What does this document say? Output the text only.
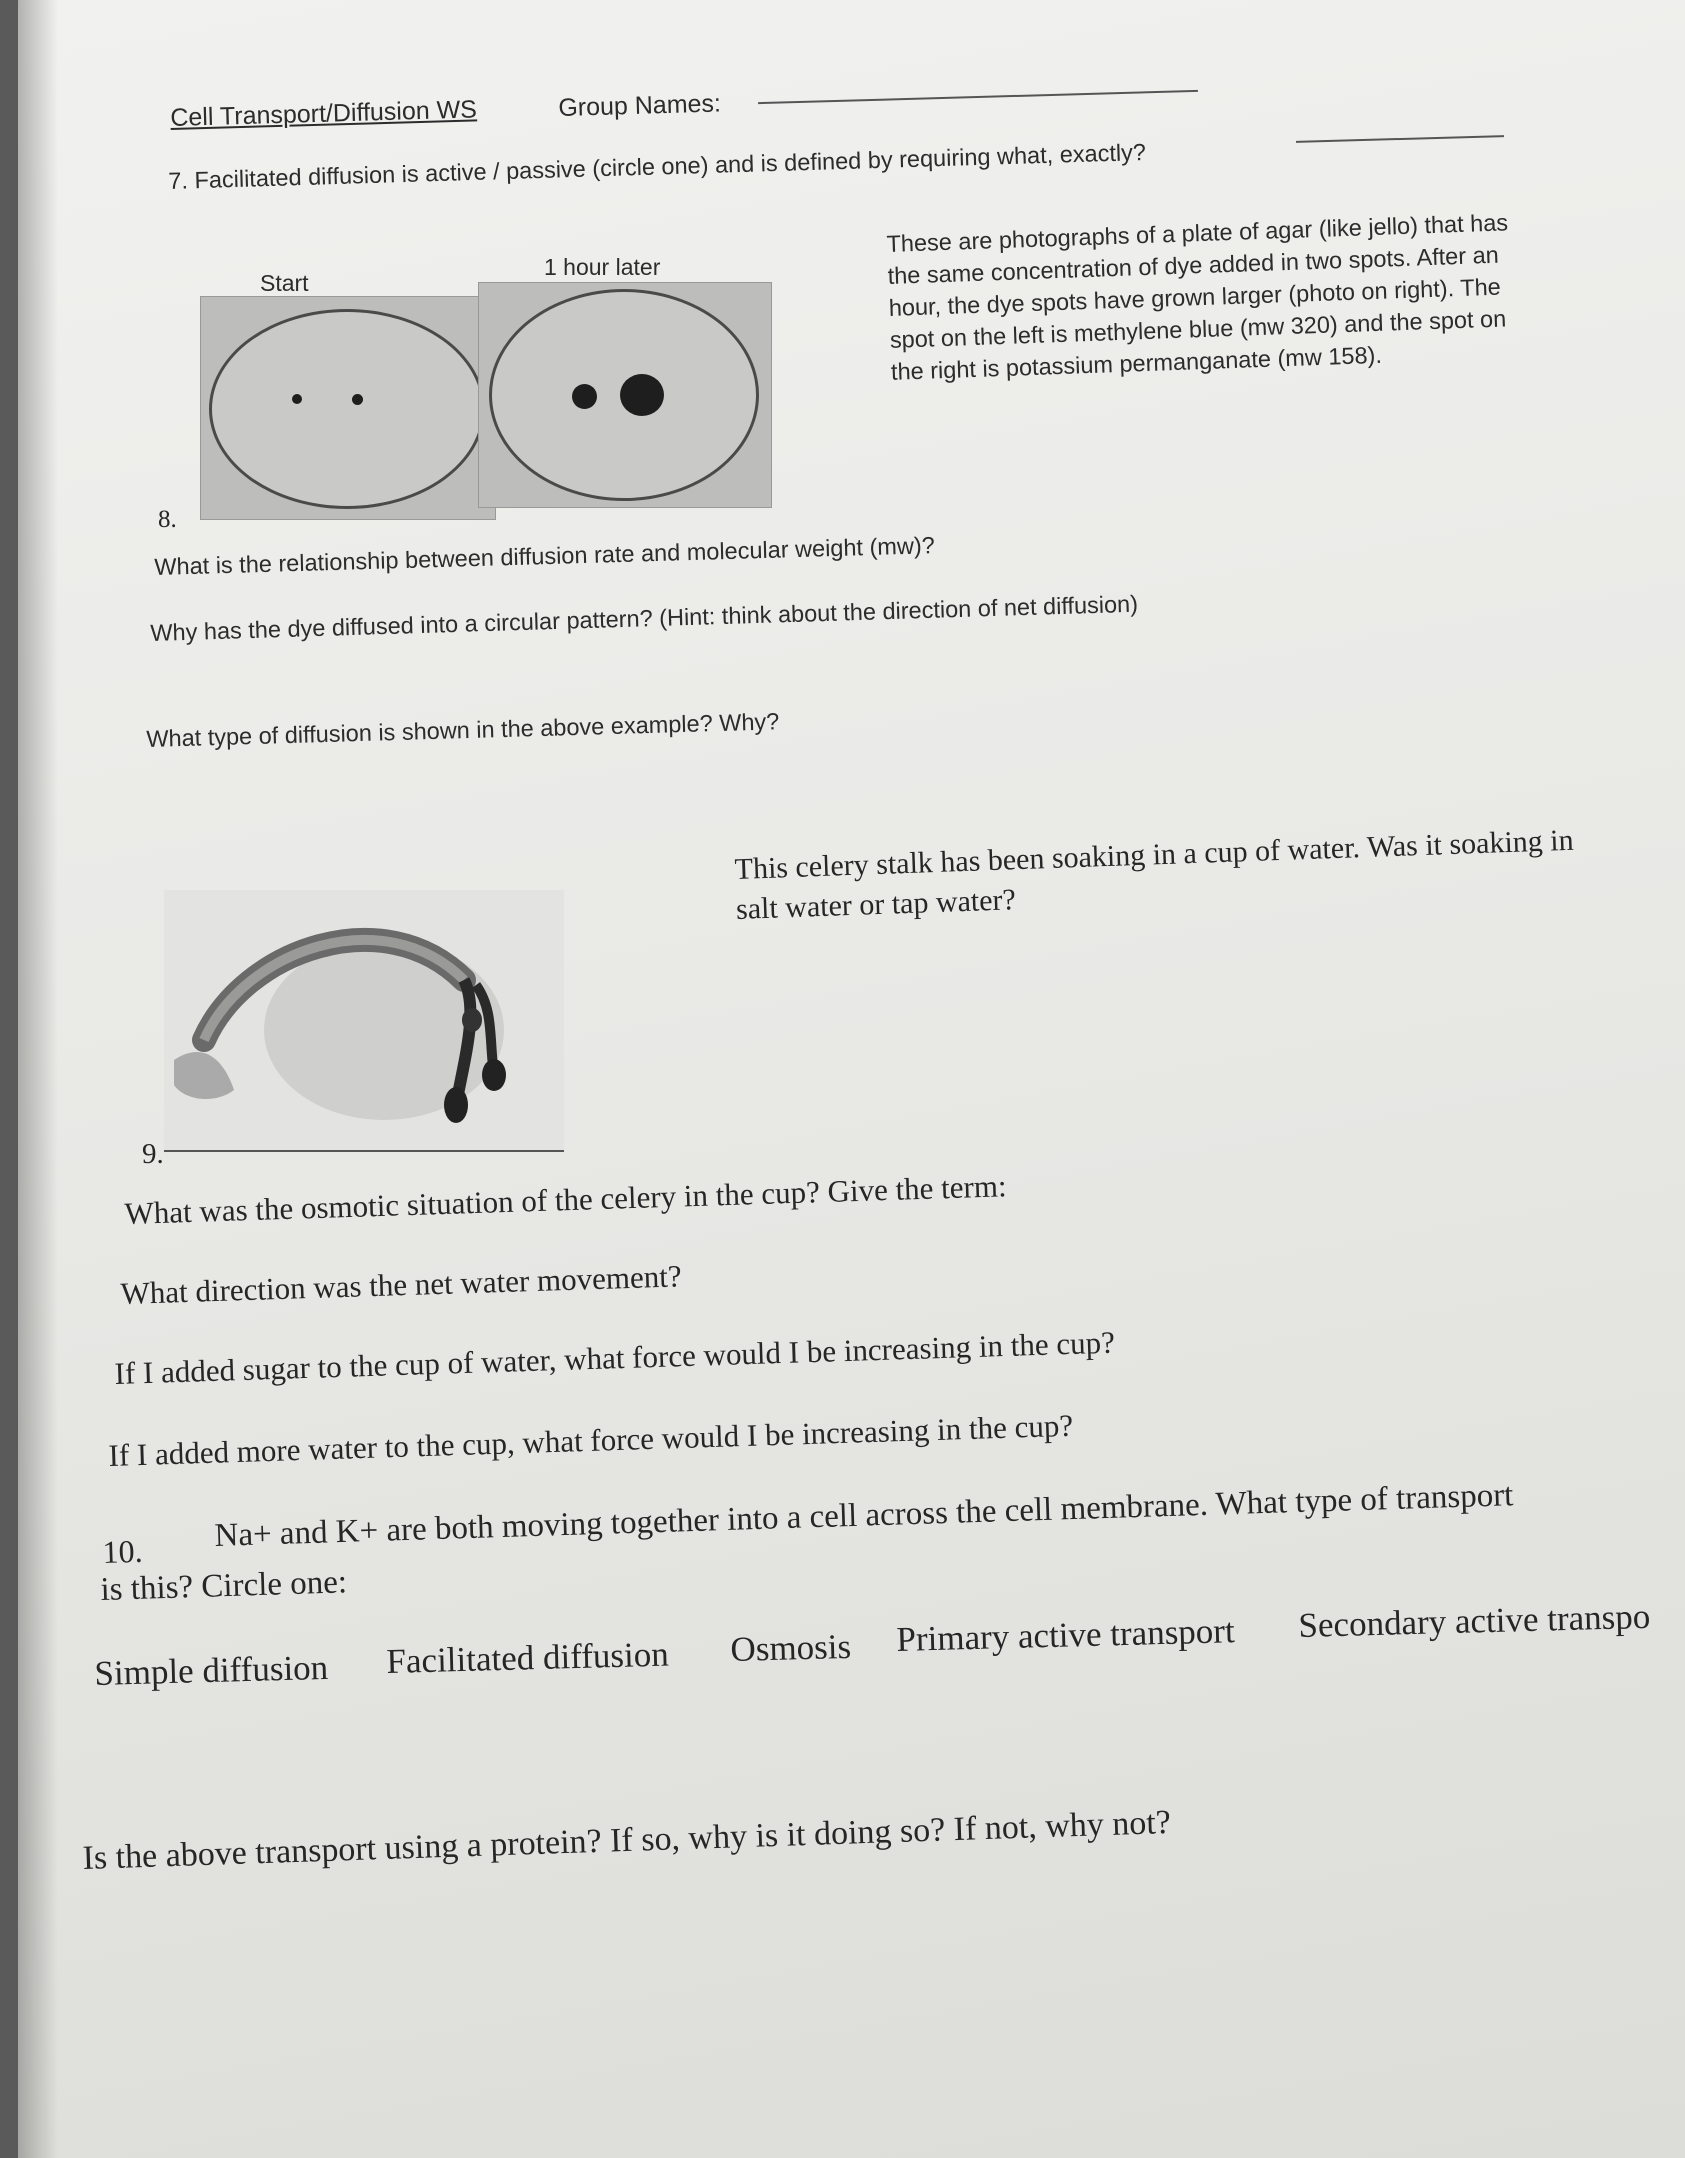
Cell Transport/Diffusion WS	Group Names:
7. Facilitated diffusion is active / passive (circle one) and is defined by requiring what, exactly?
Start
1 hour later
8.
These are photographs of a plate of agar (like jello) that has the same concentration of dye added in two spots. After an hour, the dye spots have grown larger (photo on right). The spot on the left is methylene blue (mw 320) and the spot on the right is potassium permanganate (mw 158).
What is the relationship between diffusion rate and molecular weight (mw)?
Why has the dye diffused into a circular pattern? (Hint: think about the direction of net diffusion)
What type of diffusion is shown in the above example? Why?
9.
This celery stalk has been soaking in a cup of water. Was it soaking in salt water or tap water?
What was the osmotic situation of the celery in the cup? Give the term:
What direction was the net water movement?
If I added sugar to the cup of water, what force would I be increasing in the cup?
If I added more water to the cup, what force would I be increasing in the cup?
10. Na+ and K+ are both moving together into a cell across the cell membrane. What type of transport
is this? Circle one:
Simple diffusion Facilitated diffusion Osmosis Primary active transport Secondary active transpo
Is the above transport using a protein? If so, why is it doing so? If not, why not?
